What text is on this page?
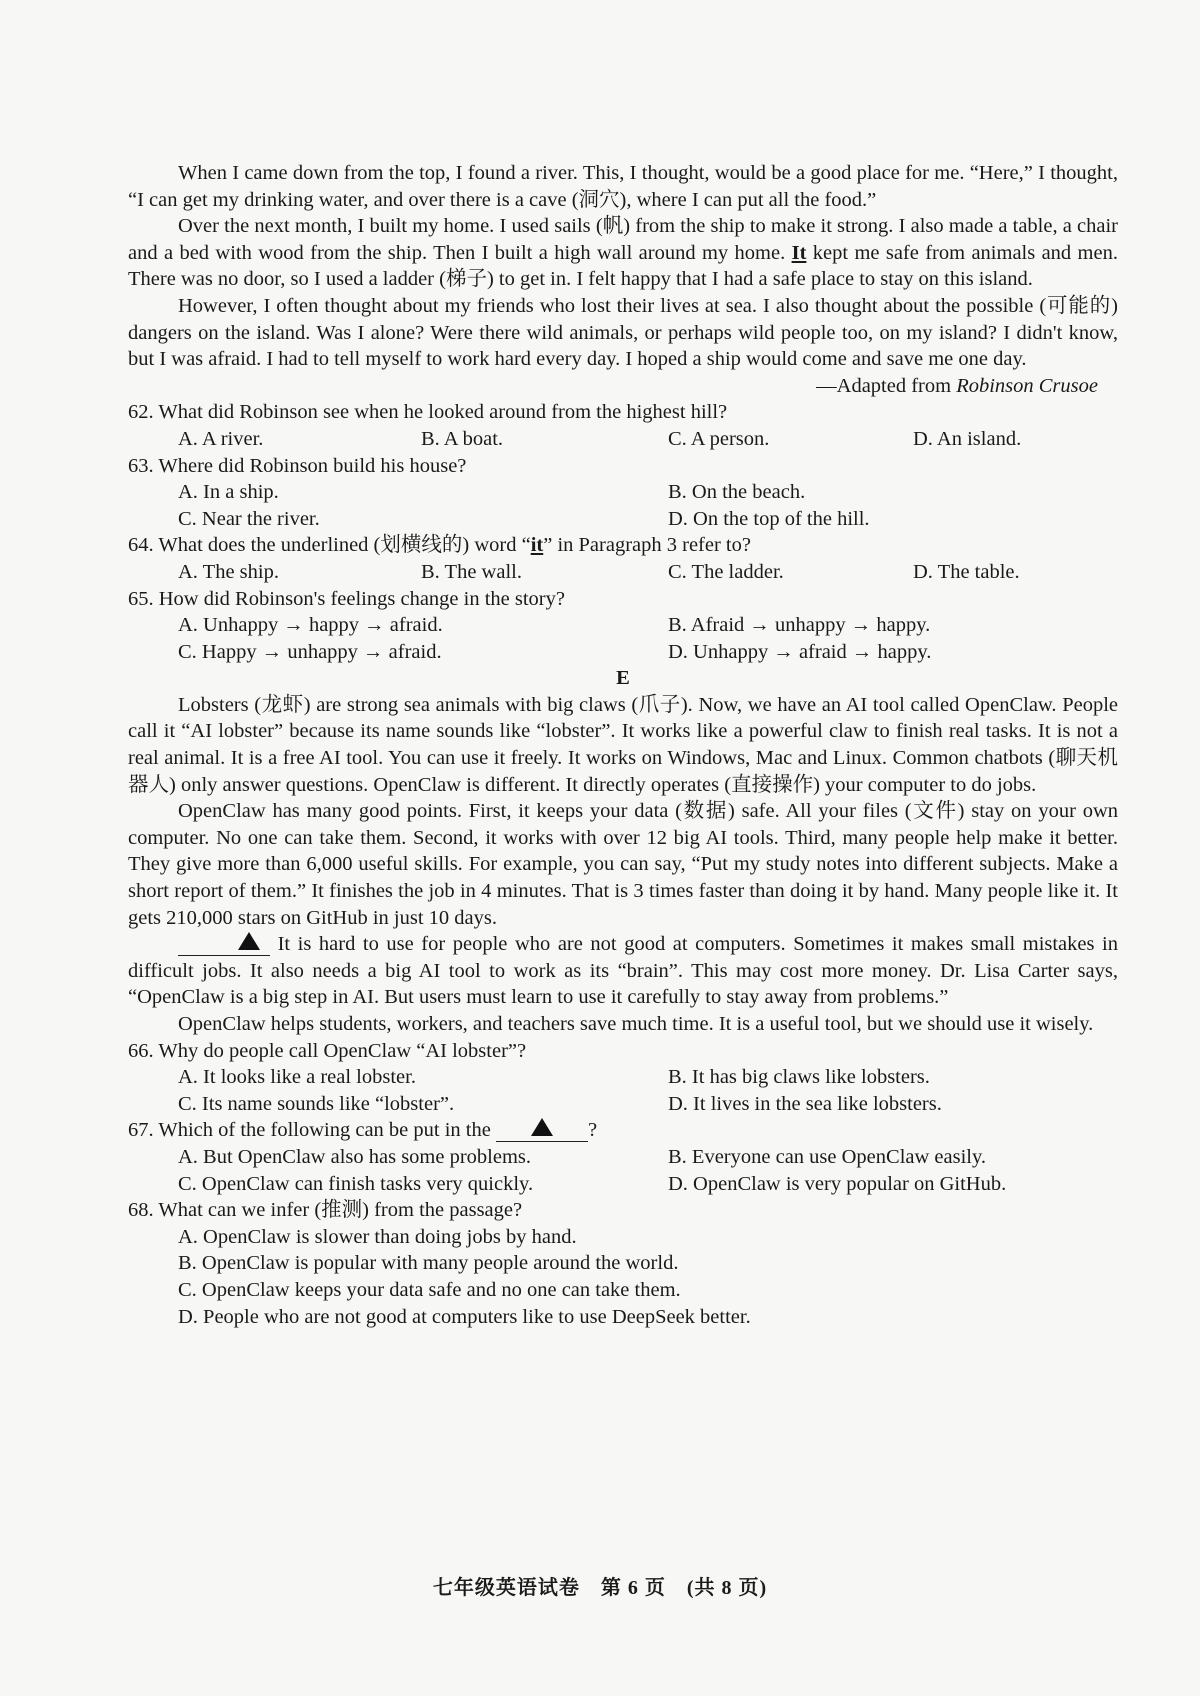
When I came down from the top, I found a river. This, I thought, would be a good place for me. “Here,” I thought, “I can get my drinking water, and over there is a cave (洞穴), where I can put all the food.”

Over the next month, I built my home. I used sails (帆) from the ship to make it strong. I also made a table, a chair and a bed with wood from the ship. Then I built a high wall around my home. It kept me safe from animals and men. There was no door, so I used a ladder (梯子) to get in. I felt happy that I had a safe place to stay on this island.

However, I often thought about my friends who lost their lives at sea. I also thought about the possible (可能的) dangers on the island. Was I alone? Were there wild animals, or perhaps wild people too, on my island? I didn't know, but I was afraid. I had to tell myself to work hard every day. I hoped a ship would come and save me one day.

—Adapted from Robinson Crusoe

62. What did Robinson see when he looked around from the highest hill?

A. A river.	B. A boat.	C. A person.	D. An island.

63. Where did Robinson build his house?

A. In a ship.	B. On the beach.
C. Near the river.	D. On the top of the hill.

64. What does the underlined (划横线的) word “it” in Paragraph 3 refer to?

A. The ship.	B. The wall.	C. The ladder.	D. The table.

65. How did Robinson's feelings change in the story?

A. Unhappy → happy → afraid.	B. Afraid → unhappy → happy.
C. Happy → unhappy → afraid.	D. Unhappy → afraid → happy.

E

Lobsters (龙虾) are strong sea animals with big claws (爪子). Now, we have an AI tool called OpenClaw. People call it “AI lobster” because its name sounds like “lobster”. It works like a powerful claw to finish real tasks. It is not a real animal. It is a free AI tool. You can use it freely. It works on Windows, Mac and Linux. Common chatbots (聊天机器人) only answer questions. OpenClaw is different. It directly operates (直接操作) your computer to do jobs.

OpenClaw has many good points. First, it keeps your data (数据) safe. All your files (文件) stay on your own computer. No one can take them. Second, it works with over 12 big AI tools. Third, many people help make it better. They give more than 6,000 useful skills. For example, you can say, “Put my study notes into different subjects. Make a short report of them.” It finishes the job in 4 minutes. That is 3 times faster than doing it by hand. Many people like it. It gets 210,000 stars on GitHub in just 10 days.

It is hard to use for people who are not good at computers. Sometimes it makes small mistakes in difficult jobs. It also needs a big AI tool to work as its “brain”. This may cost more money. Dr. Lisa Carter says, “OpenClaw is a big step in AI. But users must learn to use it carefully to stay away from problems.”

OpenClaw helps students, workers, and teachers save much time. It is a useful tool, but we should use it wisely.

66. Why do people call OpenClaw “AI lobster”?

A. It looks like a real lobster.	B. It has big claws like lobsters.
C. Its name sounds like “lobster”.	D. It lives in the sea like lobsters.

67. Which of the following can be put in the	?

A. But OpenClaw also has some problems.	B. Everyone can use OpenClaw easily.
C. OpenClaw can finish tasks very quickly.	D. OpenClaw is very popular on GitHub.

68. What can we infer (推测) from the passage?

A. OpenClaw is slower than doing jobs by hand.

B. OpenClaw is popular with many people around the world.

C. OpenClaw keeps your data safe and no one can take them.

D. People who are not good at computers like to use DeepSeek better.

七年级英语试卷　第 6 页　(共 8 页)
